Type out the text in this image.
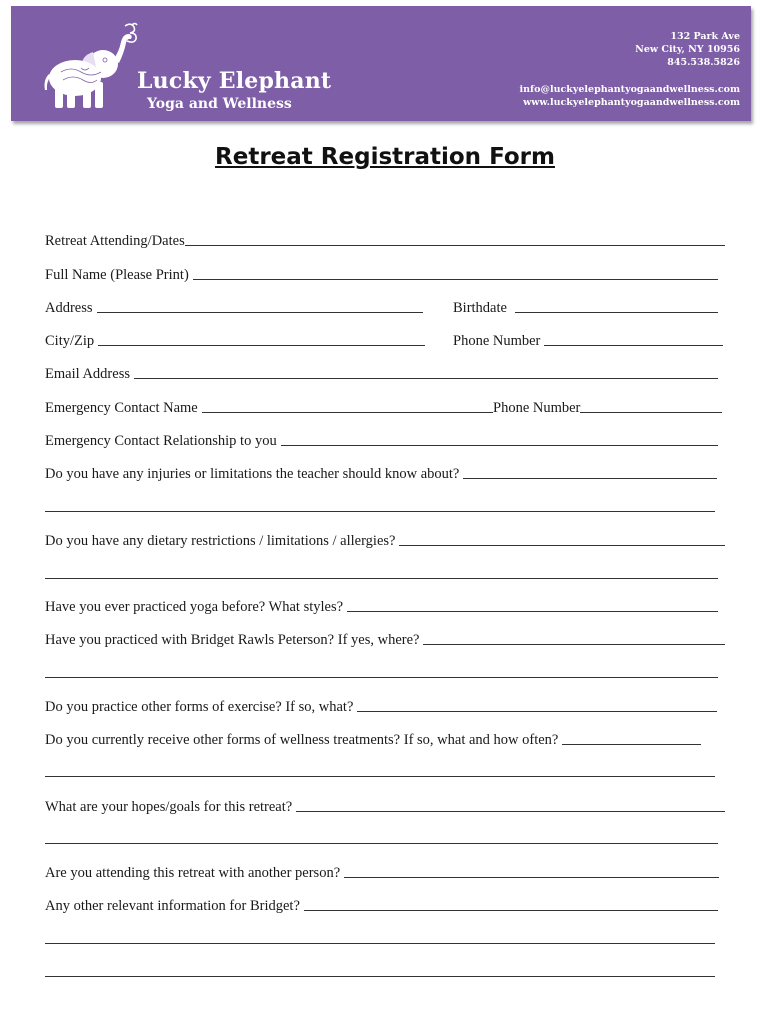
Lucky Elephant
Yoga and Wellness
132 Park Ave
New City, NY 10956
845.538.5826
info@luckyelephantyogaandwellness.com
www.luckyelephantyogaandwellness.com
Retreat Registration Form
Retreat Attending/Dates
Full Name (Please Print)
Address	Birthdate
City/Zip	Phone Number
Email Address
Emergency Contact Name	Phone Number
Emergency Contact Relationship to you
Do you have any injuries or limitations the teacher should know about?
Do you have any dietary restrictions / limitations / allergies?
Have you ever practiced yoga before? What styles?
Have you practiced with Bridget Rawls Peterson? If yes, where?
Do you practice other forms of exercise? If so, what?
Do you currently receive other forms of wellness treatments? If so, what and how often?
What are your hopes/goals for this retreat?
Are you attending this retreat with another person?
Any other relevant information for Bridget?
